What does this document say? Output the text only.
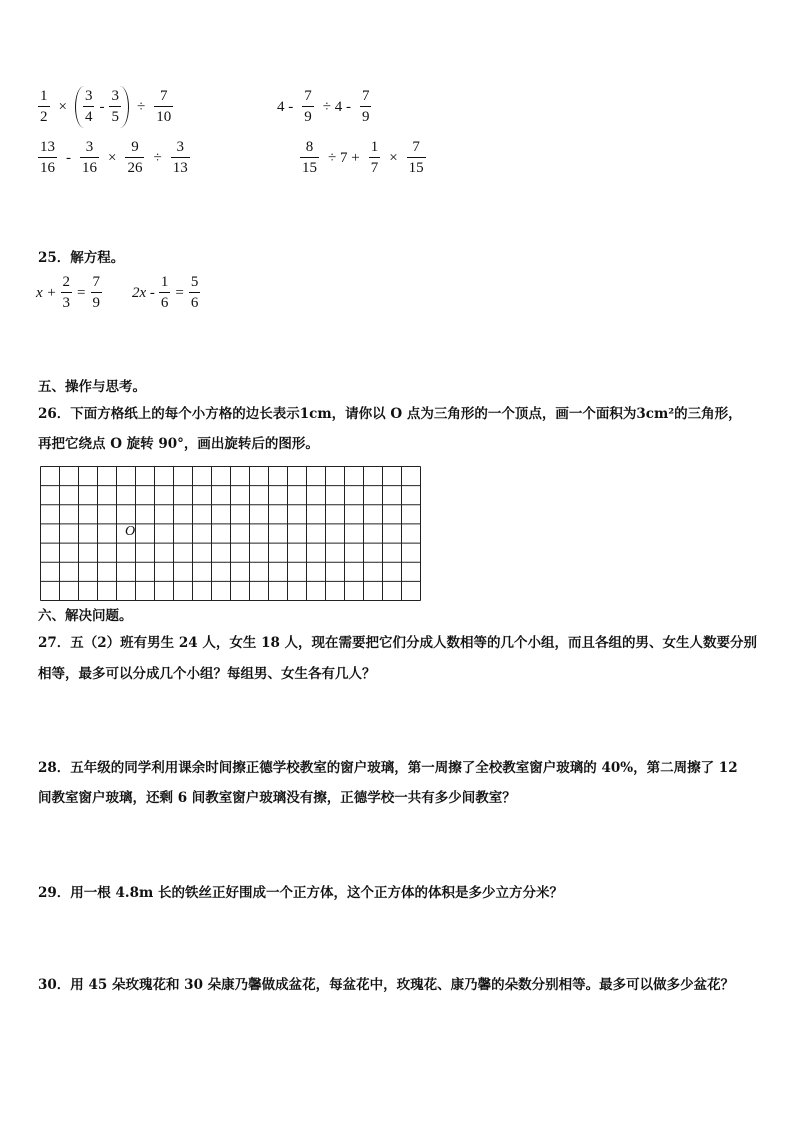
$\frac{1}{2}$ ×
3
4
-
3
5
÷ $\frac{7}{10}$	$4 - \frac{7}{9} \div 4$ -
7
9
13
16
- $\frac{3}{16} \times \frac{9}{26} \div \frac{3}{13}$	$\frac{8}{15} \div 7 + \frac{1}{7} \times \frac{7}{15}$
25．解方程。
$x + \frac{2}{3} = \frac{7}{9} 2x - \frac{1}{6} = \frac{5}{6}$
五、操作与思考。
26．下面方格纸上的每个小方格的边长表示1cm，请你以 O 点为三角形的一个顶点，画一个面积为3cm²的三角形，
再把它绕点 O 旋转 90°，画出旋转后的图形。
O
六、解决问题。
27．五（2）班有男生 24 人，女生 18 人，现在需要把它们分成人数相等的几个小组，而且各组的男、女生人数要分别
相等，最多可以分成几个小组？每组男、女生各有几人？
28．五年级的同学利用课余时间擦正德学校教室的窗户玻璃，第一周擦了全校教室窗户玻璃的 40%，第二周擦了 12
间教室窗户玻璃，还剩 6 间教室窗户玻璃没有擦，正德学校一共有多少间教室？
29．用一根 4.8m 长的铁丝正好围成一个正方体，这个正方体的体积是多少立方分米？
30．用 45 朵玫瑰花和 30 朵康乃馨做成盆花，每盆花中，玫瑰花、康乃馨的朵数分别相等。最多可以做多少盆花？
